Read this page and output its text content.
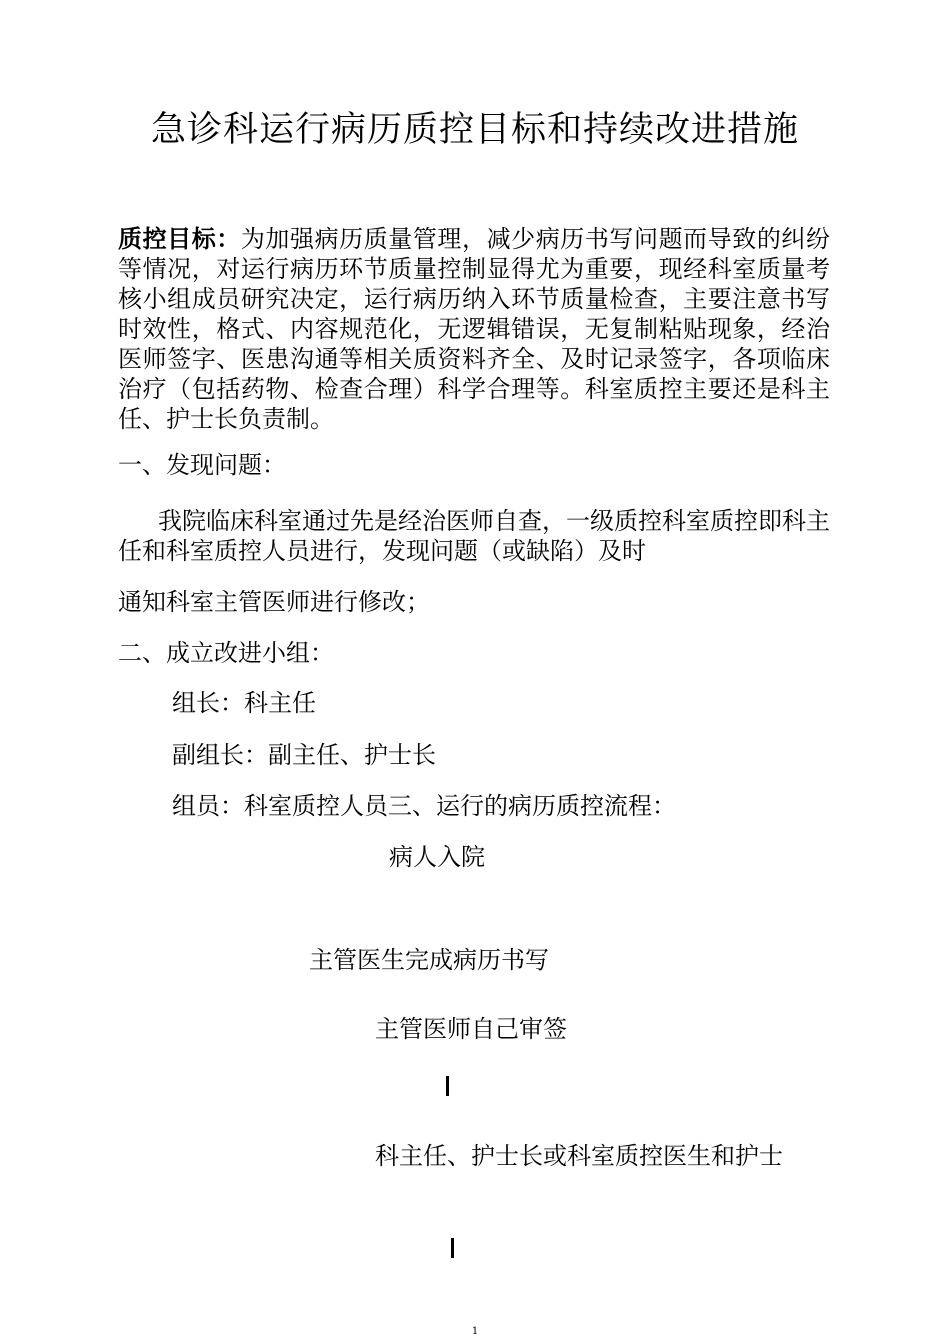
急诊科运行病历质控目标和持续改进措施
质控目标：为加强病历质量管理，减少病历书写问题而导致的纠纷等情况，对运行病历环节质量控制显得尤为重要，现经科室质量考核小组成员研究决定，运行病历纳入环节质量检查，主要注意书写时效性，格式、内容规范化，无逻辑错误，无复制粘贴现象，经治医师签字、医患沟通等相关质资料齐全、及时记录签字，各项临床治疗（包括药物、检查合理）科学合理等。科室质控主要还是科主任、护士长负责制。
一、发现问题：
我院临床科室通过先是经治医师自查，一级质控科室质控即科主任和科室质控人员进行，发现问题（或缺陷）及时
通知科室主管医师进行修改；
二、成立改进小组：
组长：科主任
副组长：副主任、护士长
组员：科室质控人员三、运行的病历质控流程：
病人入院
主管医生完成病历书写
主管医师自己审签
科主任、护士长或科室质控医生和护士
1
